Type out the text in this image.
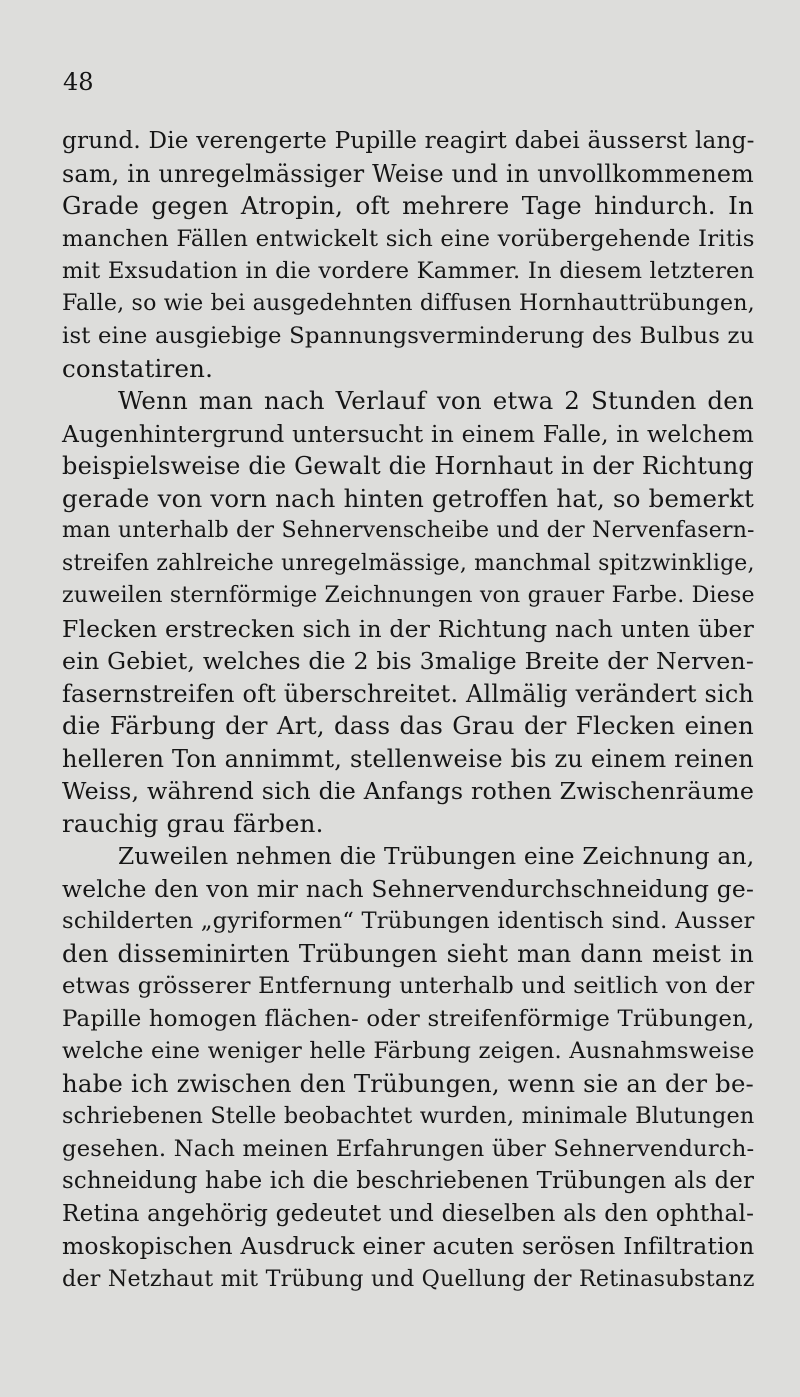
48
grund. Die verengerte Pupille reagirt dabei äusserst lang-
sam, in unregelmässiger Weise und in unvollkommenem
Grade gegen Atropin, oft mehrere Tage hindurch. In
manchen Fällen entwickelt sich eine vorübergehende Iritis
mit Exsudation in die vordere Kammer. In diesem letzteren
Falle, so wie bei ausgedehnten diffusen Hornhauttrübungen,
ist eine ausgiebige Spannungsverminderung des Bulbus zu
constatiren.
Wenn man nach Verlauf von etwa 2 Stunden den
Augenhintergrund untersucht in einem Falle, in welchem
beispielsweise die Gewalt die Hornhaut in der Richtung
gerade von vorn nach hinten getroffen hat, so bemerkt
man unterhalb der Sehnervenscheibe und der Nervenfasern-
streifen zahlreiche unregelmässige, manchmal spitzwinklige,
zuweilen sternförmige Zeichnungen von grauer Farbe. Diese
Flecken erstrecken sich in der Richtung nach unten über
ein Gebiet, welches die 2 bis 3malige Breite der Nerven-
fasernstreifen oft überschreitet. Allmälig verändert sich
die Färbung der Art, dass das Grau der Flecken einen
helleren Ton annimmt, stellenweise bis zu einem reinen
Weiss, während sich die Anfangs rothen Zwischenräume
rauchig grau färben.
Zuweilen nehmen die Trübungen eine Zeichnung an,
welche den von mir nach Sehnervendurchschneidung ge-
schilderten „gyriformen“ Trübungen identisch sind. Ausser
den disseminirten Trübungen sieht man dann meist in
etwas grösserer Entfernung unterhalb und seitlich von der
Papille homogen flächen- oder streifenförmige Trübungen,
welche eine weniger helle Färbung zeigen. Ausnahmsweise
habe ich zwischen den Trübungen, wenn sie an der be-
schriebenen Stelle beobachtet wurden, minimale Blutungen
gesehen. Nach meinen Erfahrungen über Sehnervendurch-
schneidung habe ich die beschriebenen Trübungen als der
Retina angehörig gedeutet und dieselben als den ophthal-
moskopischen Ausdruck einer acuten serösen Infiltration
der Netzhaut mit Trübung und Quellung der Retinasubstanz
